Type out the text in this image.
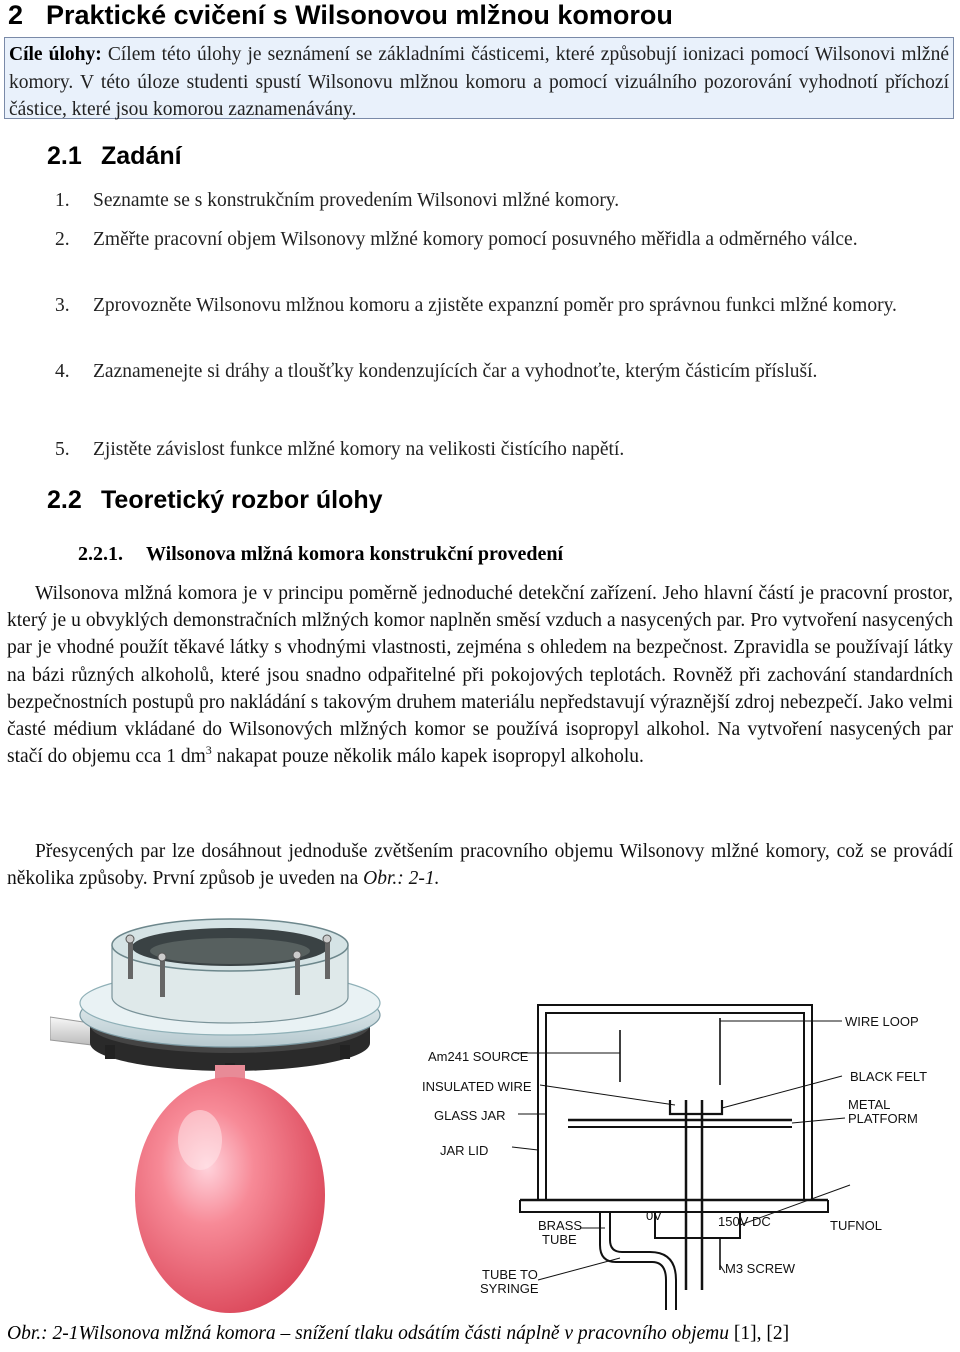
2 Praktické cvičení s Wilsonovou mlžnou komorou
Cíle úlohy: Cílem této úlohy je seznámení se základními částicemi, které způsobují ionizaci pomocí Wilsonovi mlžné komory. V této úloze studenti spustí Wilsonovu mlžnou komoru a pomocí vizuálního pozorování vyhodnotí příchozí částice, které jsou komorou zaznamenávány.
2.1 Zadání
1.	Seznamte se s konstrukčním provedením Wilsonovi mlžné komory.
2.	Změřte pracovní objem Wilsonovy mlžné komory pomocí posuvného měřidla a odměrného válce.
3.	Zprovozněte Wilsonovu mlžnou komoru a zjistěte expanzní poměr pro správnou funkci mlžné komory.
4.	Zaznamenejte si dráhy a tloušťky kondenzujících čar a vyhodnoťte, kterým částicím přísluší.
5.	Zjistěte závislost funkce mlžné komory na velikosti čistícího napětí.
2.2 Teoretický rozbor úlohy
2.2.1. Wilsonova mlžná komora konstrukční provedení

Wilsonova mlžná komora je v principu poměrně jednoduché detekční zařízení. Jeho hlavní částí je pracovní prostor, který je u obvyklých demonstračních mlžných komor naplněn směsí vzduch a nasycených par. Pro vytvoření nasycených par je vhodné použít těkavé látky s vhodnými vlastnosti, zejména s ohledem na bezpečnost. Zpravidla se používají látky na bázi různých alkoholů, které jsou snadno odpařitelné při pokojových teplotách. Rovněž při zachování standardních bezpečnostních postupů pro nakládání s takovým druhem materiálu nepředstavují výraznější zdroj nebezpečí. Jako velmi časté médium vkládané do Wilsonových mlžných komor se používá isopropyl alkohol. Na vytvoření nasycených par stačí do objemu cca 1 $dm^3$ nakapat pouze několik málo kapek isopropyl alkoholu.

Přesycených par lze dosáhnout jednoduše zvětšením pracovního objemu Wilsonovy mlžné komory, což se provádí několika způsoby. První způsob je uveden na Obr.: 2-1.

WIRE LOOP
Am241 SOURCE
BLACK FELT
INSULATED WIRE
METAL
PLATFORM
GLASS JAR
JAR LID
BRASS
TUBE
0V	150V DC	TUFNOL
M3 SCREW
TUBE TO
SYRINGE
Obr.: 2-1Wilsonova mlžná komora – snížení tlaku odsátím části náplně v pracovního objemu [1], [2]
